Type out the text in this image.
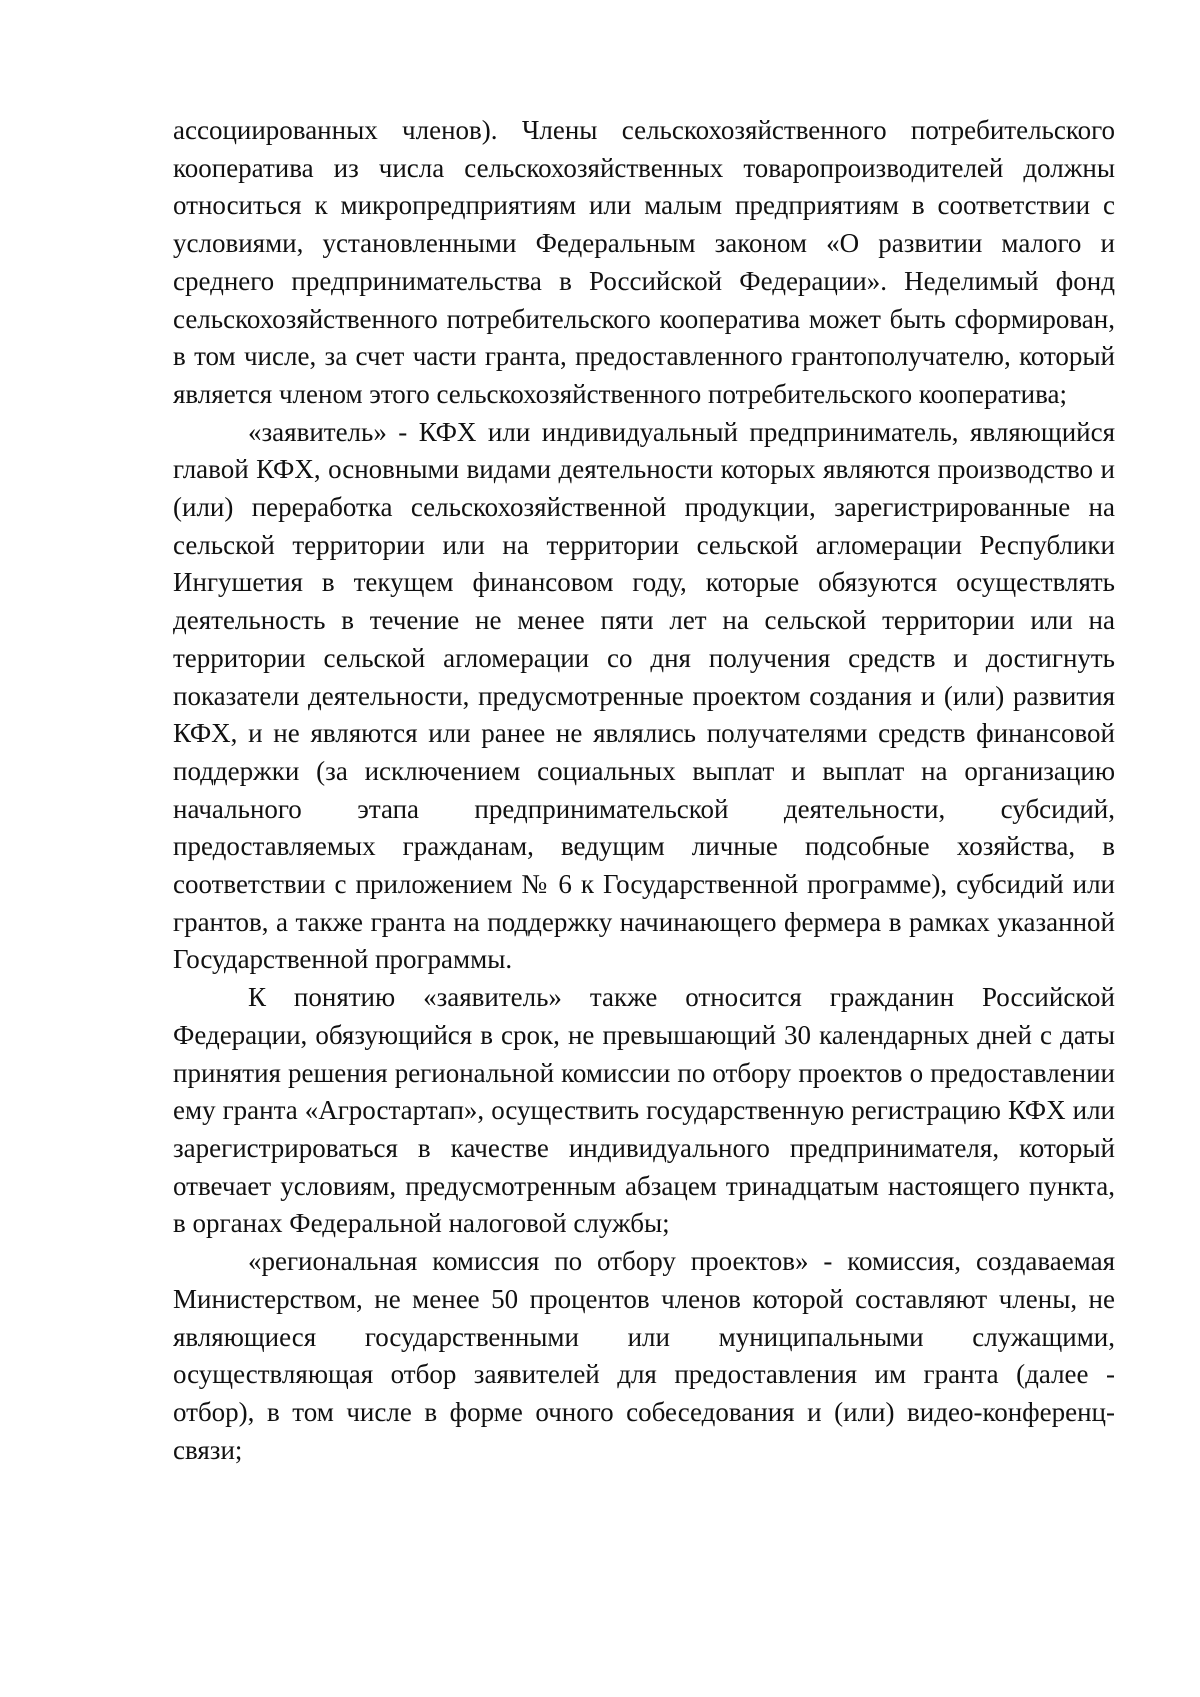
ассоциированных членов). Члены сельскохозяйственного потребительского кооператива из числа сельскохозяйственных товаропроизводителей должны относиться к микропредприятиям или малым предприятиям в соответствии с условиями, установленными Федеральным законом «О развитии малого и среднего предпринимательства в Российской Федерации». Неделимый фонд сельскохозяйственного потребительского кооператива может быть сформирован, в том числе, за счет части гранта, предоставленного грантополучателю, который является членом этого сельскохозяйственного потребительского кооператива;

«заявитель» - КФХ или индивидуальный предприниматель, являющийся главой КФХ, основными видами деятельности которых являются производство и (или) переработка сельскохозяйственной продукции, зарегистрированные на сельской территории или на территории сельской агломерации Республики Ингушетия в текущем финансовом году, которые обязуются осуществлять деятельность в течение не менее пяти лет на сельской территории или на территории сельской агломерации со дня получения средств и достигнуть показатели деятельности, предусмотренные проектом создания и (или) развития КФХ, и не являются или ранее не являлись получателями средств финансовой поддержки (за исключением социальных выплат и выплат на организацию начального этапа предпринимательской деятельности, субсидий, предоставляемых гражданам, ведущим личные подсобные хозяйства, в соответствии с приложением № 6 к Государственной программе), субсидий или грантов, а также гранта на поддержку начинающего фермера в рамках указанной Государственной программы.

К понятию «заявитель» также относится гражданин Российской Федерации, обязующийся в срок, не превышающий 30 календарных дней с даты принятия решения региональной комиссии по отбору проектов о предоставлении ему гранта «Агростартап», осуществить государственную регистрацию КФХ или зарегистрироваться в качестве индивидуального предпринимателя, который отвечает условиям, предусмотренным абзацем тринадцатым настоящего пункта, в органах Федеральной налоговой службы;

«региональная комиссия по отбору проектов» - комиссия, создаваемая Министерством, не менее 50 процентов членов которой составляют члены, не являющиеся государственными или муниципальными служащими, осуществляющая отбор заявителей для предоставления им гранта (далее - отбор), в том числе в форме очного собеседования и (или) видео-конференц-связи;
